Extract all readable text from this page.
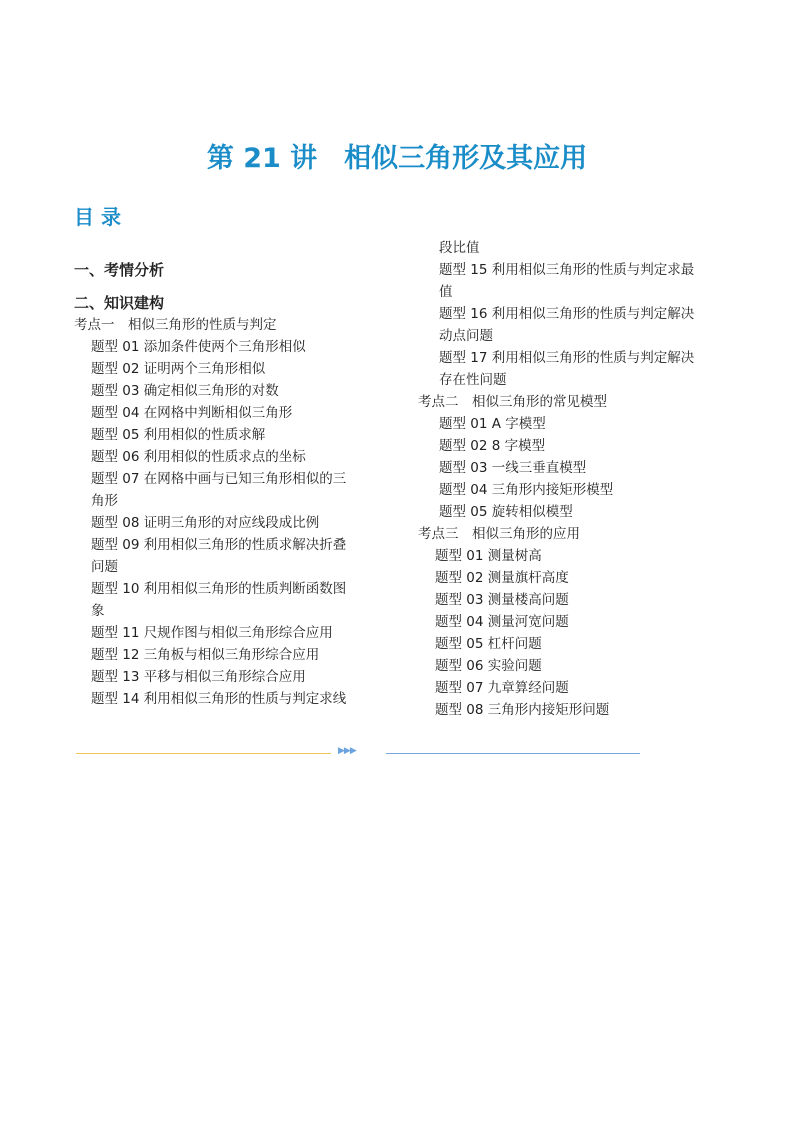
第 21 讲　相似三角形及其应用
目 录
一、考情分析
二、知识建构
考点一　相似三角形的性质与判定
题型 01 添加条件使两个三角形相似
题型 02 证明两个三角形相似
题型 03 确定相似三角形的对数
题型 04 在网格中判断相似三角形
题型 05 利用相似的性质求解
题型 06 利用相似的性质求点的坐标
题型 07 在网格中画与已知三角形相似的三
角形
题型 08 证明三角形的对应线段成比例
题型 09 利用相似三角形的性质求解决折叠
问题
题型 10 利用相似三角形的性质判断函数图
象
题型 11 尺规作图与相似三角形综合应用
题型 12 三角板与相似三角形综合应用
题型 13 平移与相似三角形综合应用
题型 14 利用相似三角形的性质与判定求线
段比值
题型 15 利用相似三角形的性质与判定求最
值
题型 16 利用相似三角形的性质与判定解决
动点问题
题型 17 利用相似三角形的性质与判定解决
存在性问题
考点二　相似三角形的常见模型
题型 01 A 字模型
题型 02 8 字模型
题型 03 一线三垂直模型
题型 04 三角形内接矩形模型
题型 05 旋转相似模型
考点三　相似三角形的应用
题型 01 测量树高
题型 02 测量旗杆高度
题型 03 测量楼高问题
题型 04 测量河宽问题
题型 05 杠杆问题
题型 06 实验问题
题型 07 九章算经问题
题型 08 三角形内接矩形问题
▶▶▶
